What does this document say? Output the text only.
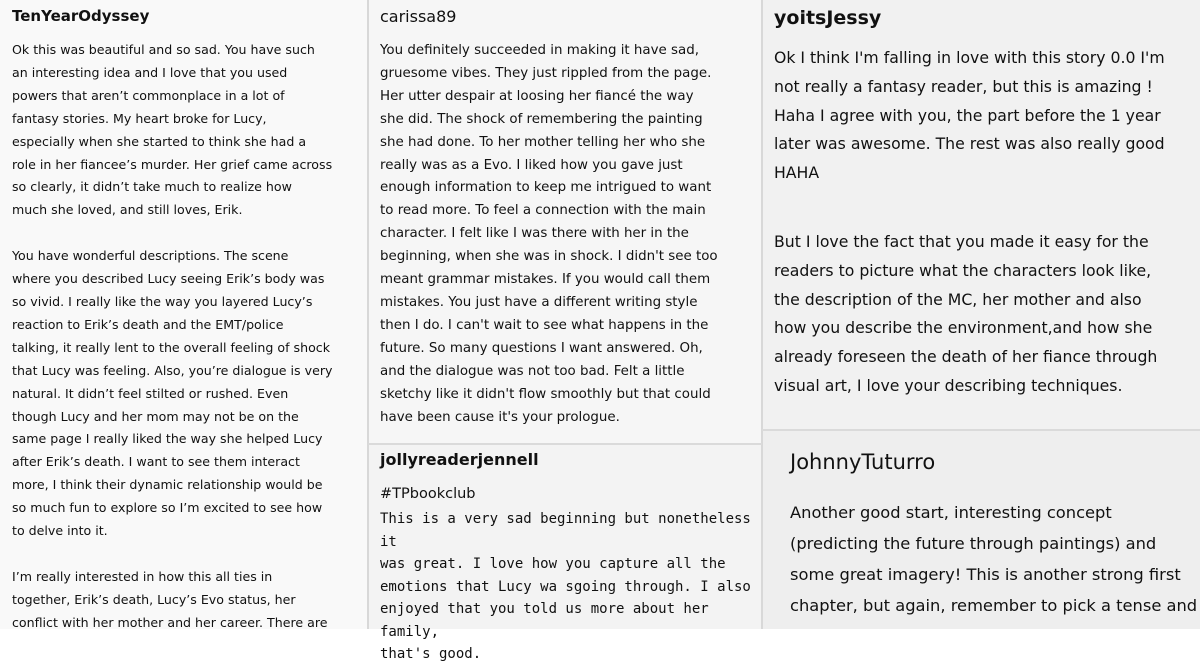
TenYearOdyssey

Ok this was beautiful and so sad. You have such
an interesting idea and I love that you used
powers that aren’t commonplace in a lot of
fantasy stories. My heart broke for Lucy,
especially when she started to think she had a
role in her fiancee’s murder. Her grief came across
so clearly, it didn’t take much to realize how
much she loved, and still loves, Erik.

You have wonderful descriptions. The scene
where you described Lucy seeing Erik’s body was
so vivid. I really like the way you layered Lucy’s
reaction to Erik’s death and the EMT/police
talking, it really lent to the overall feeling of shock
that Lucy was feeling. Also, you’re dialogue is very
natural. It didn’t feel stilted or rushed. Even
though Lucy and her mom may not be on the
same page I really liked the way she helped Lucy
after Erik’s death. I want to see them interact
more, I think their dynamic relationship would be
so much fun to explore so I’m excited to see how
to delve into it.

I’m really interested in how this all ties in
together, Erik’s death, Lucy’s Evo status, her
conflict with her mother and her career. There are

carissa89

You definitely succeeded in making it have sad,
gruesome vibes. They just rippled from the page.
Her utter despair at loosing her fiancé the way
she did. The shock of remembering the painting
she had done. To her mother telling her who she
really was as a Evo. I liked how you gave just
enough information to keep me intrigued to want
to read more. To feel a connection with the main
character. I felt like I was there with her in the
beginning, when she was in shock. I didn't see too
meant grammar mistakes. If you would call them
mistakes. You just have a different writing style
then I do. I can't wait to see what happens in the
future. So many questions I want answered. Oh,
and the dialogue was not too bad. Felt a little
sketchy like it didn't flow smoothly but that could
have been cause it's your prologue.

jollyreaderjennell

#TPbookclub

This is a very sad beginning but nonetheless it
was great. I love how you capture all the
emotions that Lucy wa sgoing through. I also
enjoyed that you told us more about her family,
that's good.

yoitsJessy

Ok I think I'm falling in love with this story 0.0 I'm
not really a fantasy reader, but this is amazing !
Haha I agree with you, the part before the 1 year
later was awesome. The rest was also really good
HAHA

But I love the fact that you made it easy for the
readers to picture what the characters look like,
the description of the MC, her mother and also
how you describe the environment,and how she
already foreseen the death of her fiance through
visual art, I love your describing techniques.

JohnnyTuturro

Another good start, interesting concept
(predicting the future through paintings) and
some great imagery! This is another strong first
chapter, but again, remember to pick a tense and
